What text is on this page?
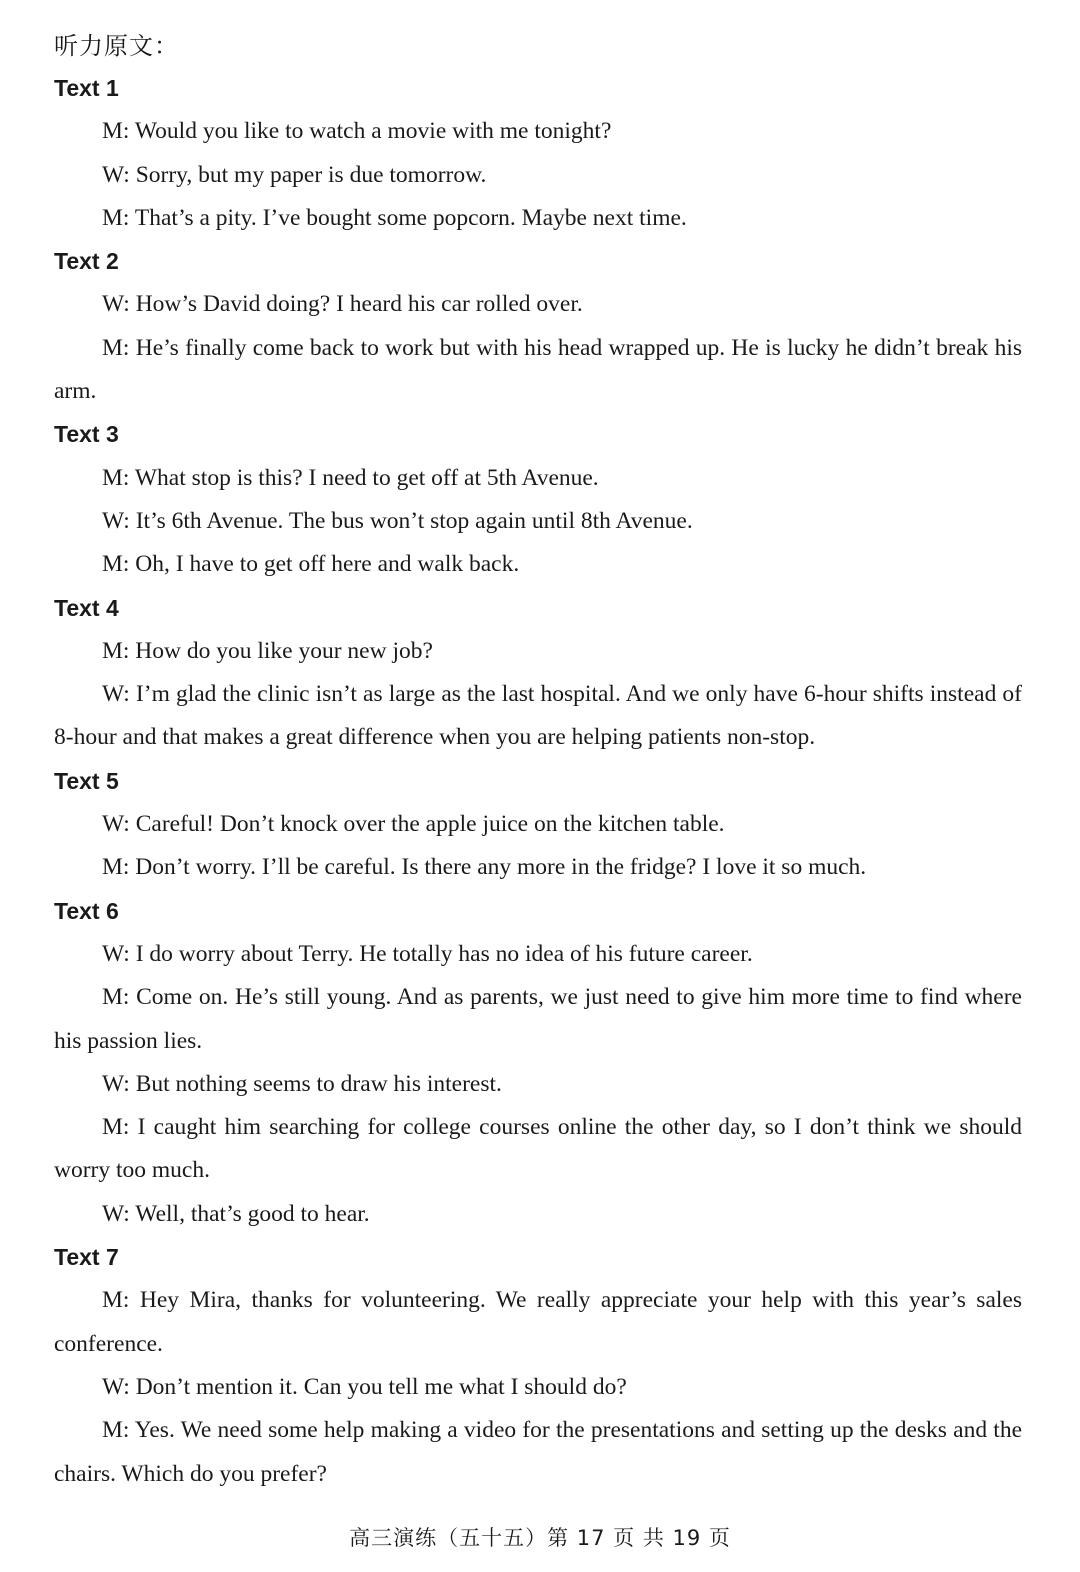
听力原文：
Text 1

M: Would you like to watch a movie with me tonight?

W: Sorry, but my paper is due tomorrow.

M: That’s a pity. I’ve bought some popcorn. Maybe next time.

Text 2

W: How’s David doing? I heard his car rolled over.

M: He’s finally come back to work but with his head wrapped up. He is lucky he didn’t break his arm.

Text 3

M: What stop is this? I need to get off at 5th Avenue.

W: It’s 6th Avenue. The bus won’t stop again until 8th Avenue.

M: Oh, I have to get off here and walk back.

Text 4

M: How do you like your new job?

W: I’m glad the clinic isn’t as large as the last hospital. And we only have 6-hour shifts instead of 8-hour and that makes a great difference when you are helping patients non-stop.

Text 5

W: Careful! Don’t knock over the apple juice on the kitchen table.

M: Don’t worry. I’ll be careful. Is there any more in the fridge? I love it so much.

Text 6

W: I do worry about Terry. He totally has no idea of his future career.

M: Come on. He’s still young. And as parents, we just need to give him more time to find where his passion lies.

W: But nothing seems to draw his interest.

M: I caught him searching for college courses online the other day, so I don’t think we should worry too much.

W: Well, that’s good to hear.

Text 7

M: Hey Mira, thanks for volunteering. We really appreciate your help with this year’s sales conference.

W: Don’t mention it. Can you tell me what I should do?

M: Yes. We need some help making a video for the presentations and setting up the desks and the chairs. Which do you prefer?

高三演练（五十五）第 17 页 共 19 页
